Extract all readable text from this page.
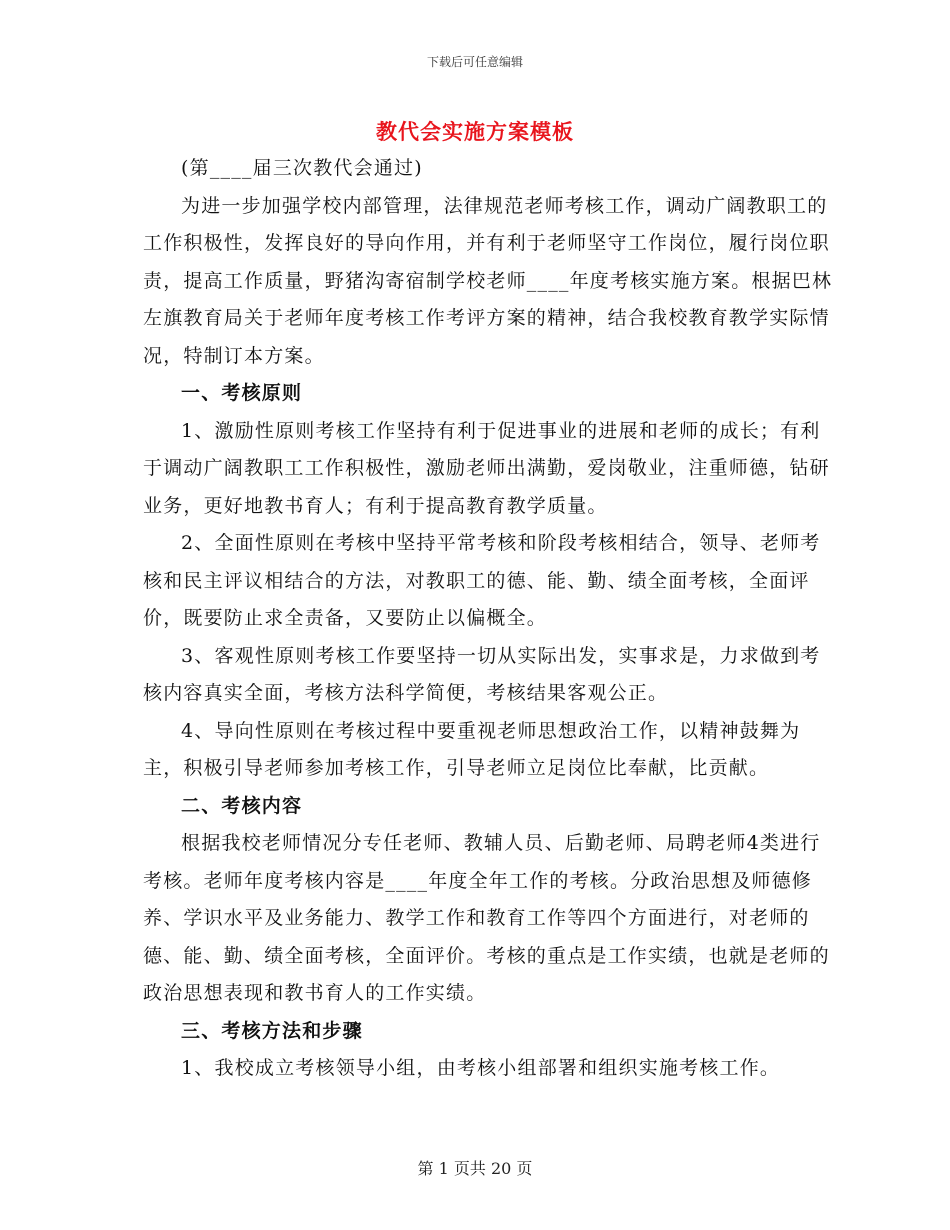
下载后可任意编辑
教代会实施方案模板

(第____届三次教代会通过)

为进一步加强学校内部管理，法律规范老师考核工作，调动广阔教职工的工作积极性，发挥良好的导向作用，并有利于老师坚守工作岗位，履行岗位职责，提高工作质量，野猪沟寄宿制学校老师____年度考核实施方案。根据巴林左旗教育局关于老师年度考核工作考评方案的精神，结合我校教育教学实际情况，特制订本方案。

一、考核原则

1、激励性原则考核工作坚持有利于促进事业的进展和老师的成长；有利于调动广阔教职工工作积极性，激励老师出满勤，爱岗敬业，注重师德，钻研业务，更好地教书育人；有利于提高教育教学质量。

2、全面性原则在考核中坚持平常考核和阶段考核相结合，领导、老师考核和民主评议相结合的方法，对教职工的德、能、勤、绩全面考核，全面评价，既要防止求全责备，又要防止以偏概全。

3、客观性原则考核工作要坚持一切从实际出发，实事求是，力求做到考核内容真实全面，考核方法科学简便，考核结果客观公正。

4、导向性原则在考核过程中要重视老师思想政治工作，以精神鼓舞为主，积极引导老师参加考核工作，引导老师立足岗位比奉献，比贡献。

二、考核内容

根据我校老师情况分专任老师、教辅人员、后勤老师、局聘老师4类进行考核。老师年度考核内容是____年度全年工作的考核。分政治思想及师德修养、学识水平及业务能力、教学工作和教育工作等四个方面进行，对老师的德、能、勤、绩全面考核，全面评价。考核的重点是工作实绩，也就是老师的政治思想表现和教书育人的工作实绩。

三、考核方法和步骤

1、我校成立考核领导小组，由考核小组部署和组织实施考核工作。

第 1 页共 20 页
